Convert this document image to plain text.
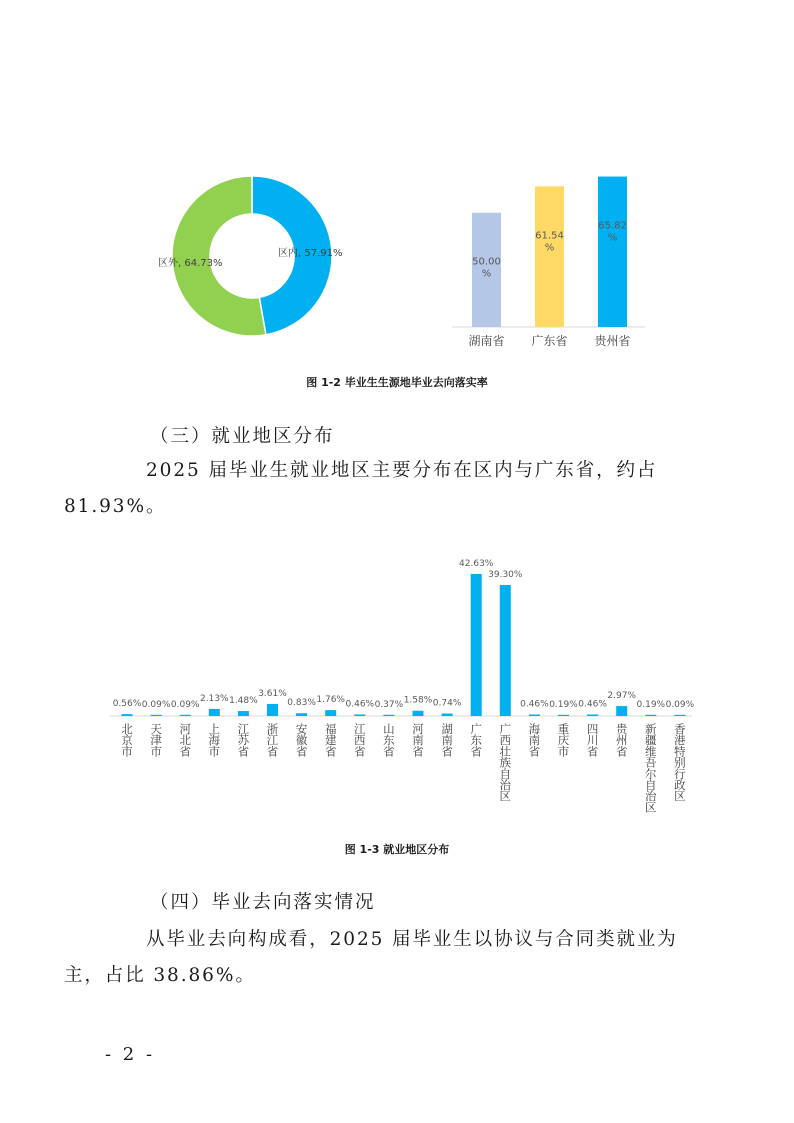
区内, 57.91%
区外, 64.73%	50.00
%
湖南省
61.54
%
广东省
65.82
%
贵州省
图 1-2 毕业生生源地毕业去向落实率
（三）就业地区分布

2025 届毕业生就业地区主要分布在区内与广东省，约占
81.93%。

0.56%
北京市
0.09%
天津市
0.09%
河北省
2.13%
上海市
1.48%
江苏省
3.61%
浙江省
0.83%
安徽省
1.76%
福建省
0.46%
江西省
0.37%
山东省
1.58%
河南省
0.74%
湖南省
42.63%
广东省
39.30%
广西壮族自治区
0.46%
海南省
0.19%
重庆市
0.46%
四川省
2.97%
贵州省
0.19%
新疆维吾尔自治区
0.09%
香港特别行政区
图 1-3 就业地区分布
（四）毕业去向落实情况

从毕业去向构成看，2025 届毕业生以协议与合同类就业为
主，占比 38.86%。

- 2 -
